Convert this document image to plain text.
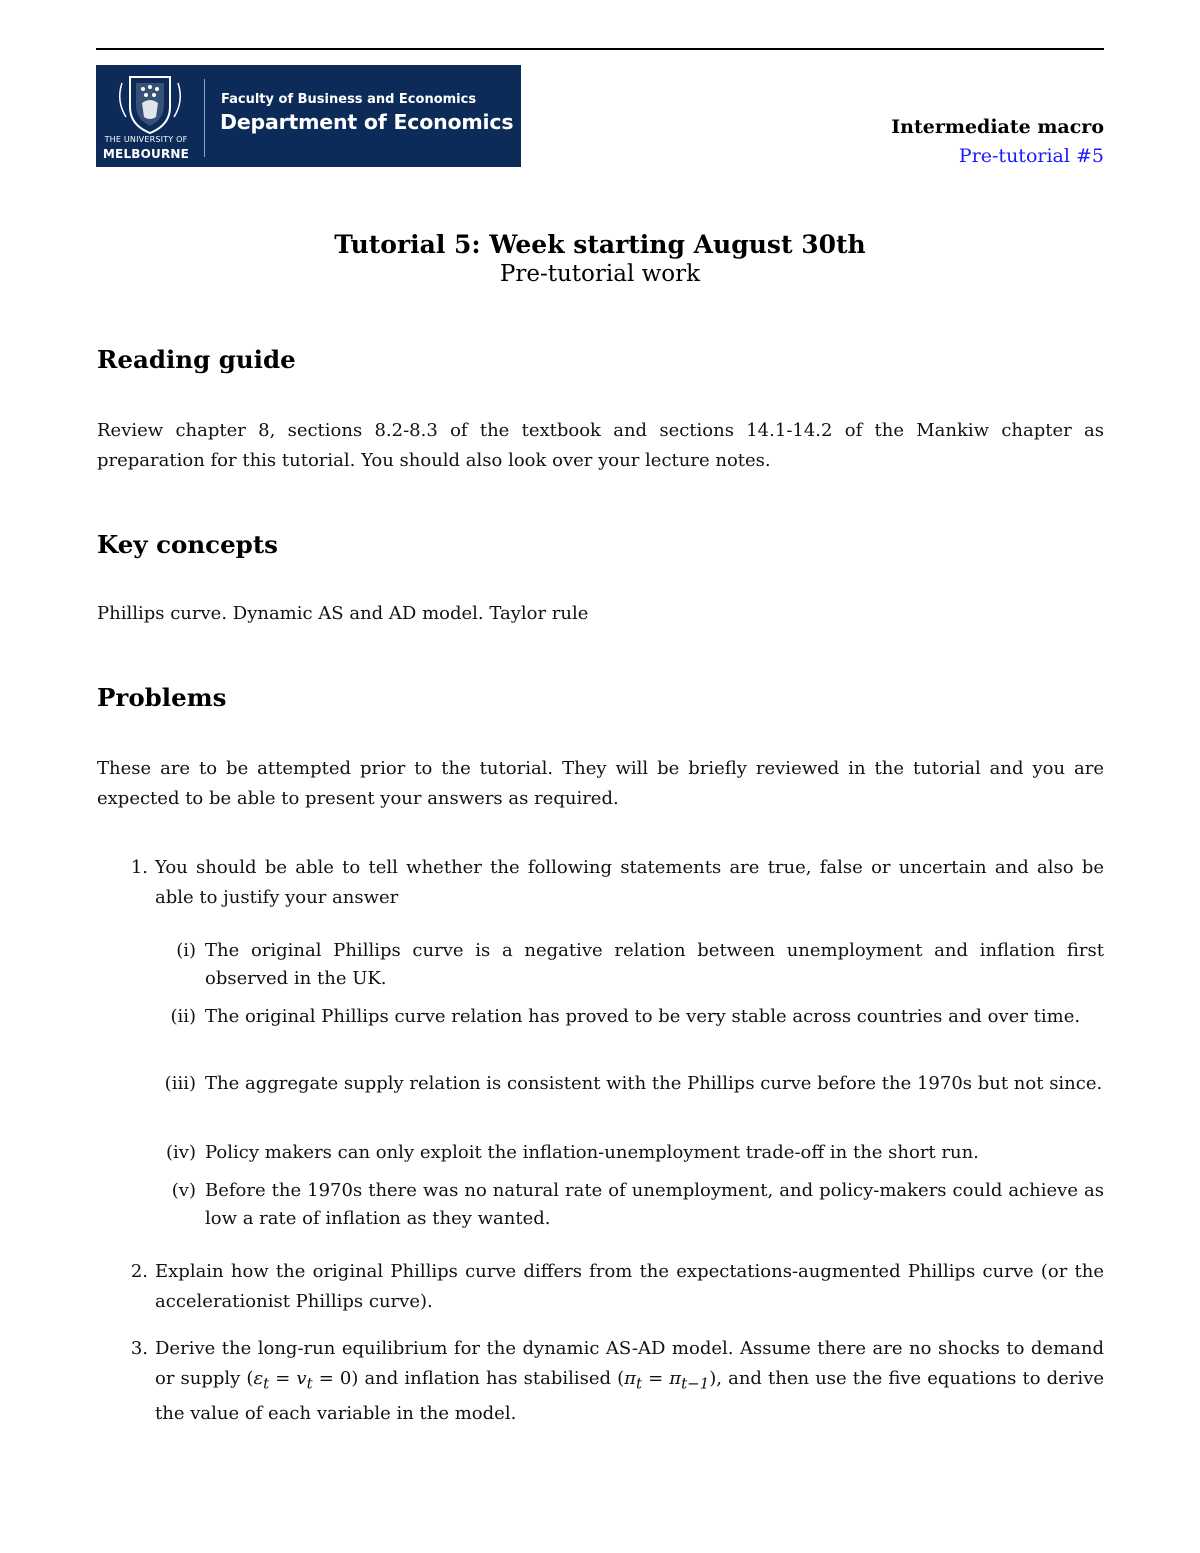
THE UNIVERSITY OF
MELBOURNE
Faculty of Business and Economics
Department of Economics	Intermediate macro
Pre-tutorial #5
Tutorial 5: Week starting August 30th
Pre-tutorial work
Reading guide

Review chapter 8, sections 8.2-8.3 of the textbook and sections 14.1-14.2 of the Mankiw chapter as preparation for this tutorial. You should also look over your lecture notes.

Key concepts

Phillips curve. Dynamic AS and AD model. Taylor rule

Problems

These are to be attempted prior to the tutorial. They will be briefly reviewed in the tutorial and you are expected to be able to present your answers as required.

1. You should be able to tell whether the following statements are true, false or uncertain and also be able to justify your answer

(i) The original Phillips curve is a negative relation between unemployment and inflation first observed in the UK.

(ii) The original Phillips curve relation has proved to be very stable across countries and over time.

(iii) The aggregate supply relation is consistent with the Phillips curve before the 1970s but not since.

(iv) Policy makers can only exploit the inflation-unemployment trade-off in the short run.

(v) Before the 1970s there was no natural rate of unemployment, and policy-makers could achieve as low a rate of inflation as they wanted.

2. Explain how the original Phillips curve differs from the expectations-augmented Phillips curve (or the accelerationist Phillips curve).

3. Derive the long-run equilibrium for the dynamic AS-AD model. Assume there are no shocks to demand or supply $(\varepsilon_t = v_t = 0)$ and inflation has stabilised $(\pi_t = \pi_{t-1})$, and then use the five equations to derive the value of each variable in the model.
